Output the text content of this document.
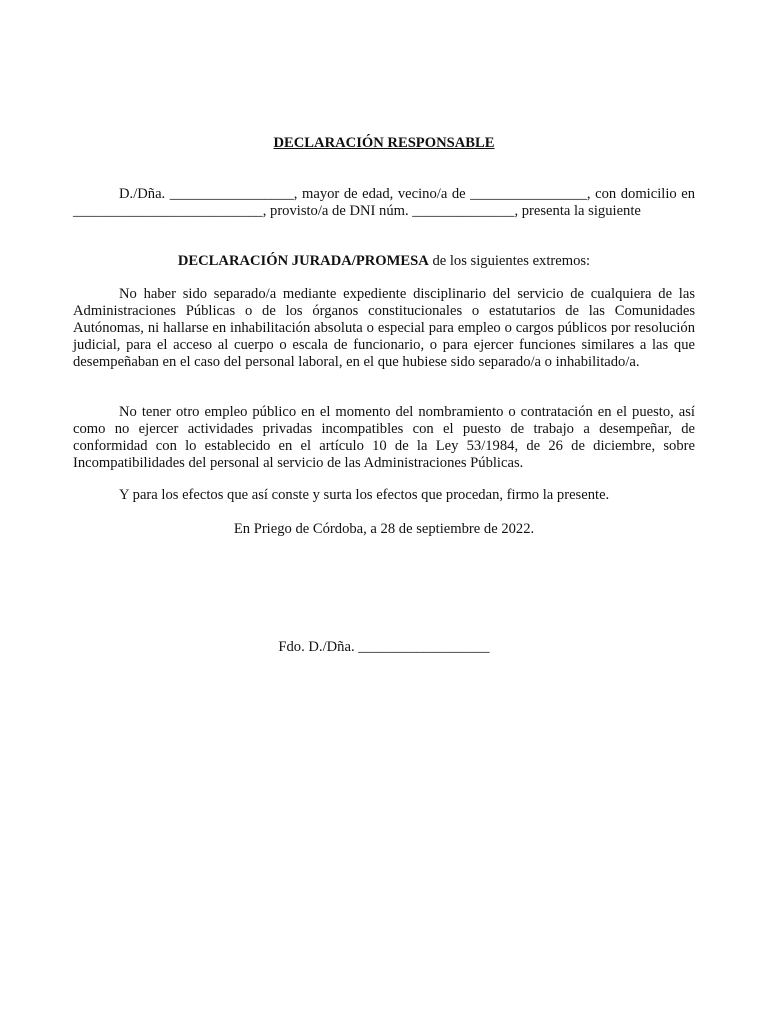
DECLARACIÓN RESPONSABLE

D./Dña. _________________, mayor de edad, vecino/a de ________________, con domicilio en __________________________, provisto/a de DNI núm. ______________, presenta la siguiente

DECLARACIÓN JURADA/PROMESA de los siguientes extremos:

No haber sido separado/a mediante expediente disciplinario del servicio de cualquiera de las Administraciones Públicas o de los órganos constitucionales o estatutarios de las Comunidades Autónomas, ni hallarse en inhabilitación absoluta o especial para empleo o cargos públicos por resolución judicial, para el acceso al cuerpo o escala de funcionario, o para ejercer funciones similares a las que desempeñaban en el caso del personal laboral, en el que hubiese sido separado/a o inhabilitado/a.

No tener otro empleo público en el momento del nombramiento o contratación en el puesto, así como no ejercer actividades privadas incompatibles con el puesto de trabajo a desempeñar, de conformidad con lo establecido en el artículo 10 de la Ley 53/1984, de 26 de diciembre, sobre Incompatibilidades del personal al servicio de las Administraciones Públicas.

Y para los efectos que así conste y surta los efectos que procedan, firmo la presente.

En Priego de Córdoba, a 28 de septiembre de 2022.

Fdo. D./Dña. __________________
